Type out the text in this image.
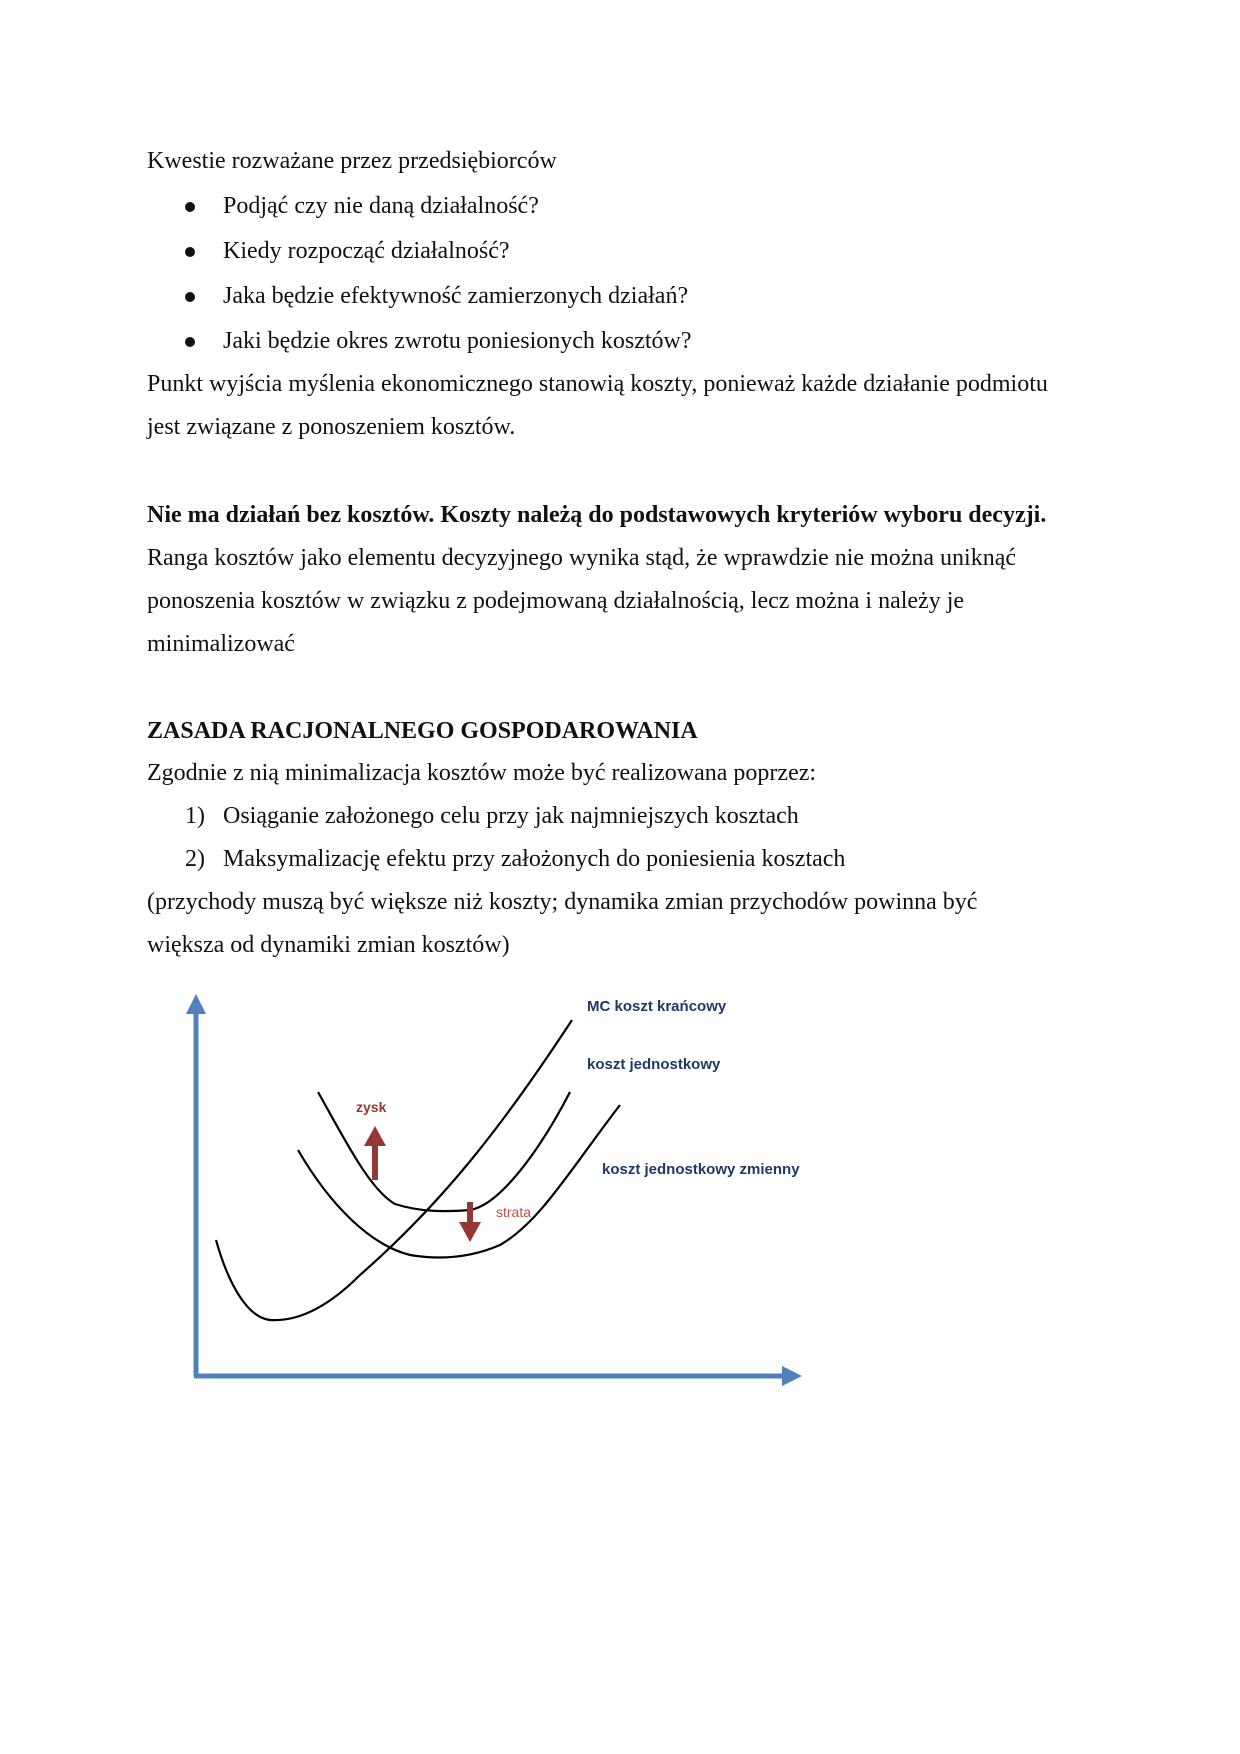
Kwestie rozważane przez przedsiębiorców

Podjąć czy nie daną działalność?
Kiedy rozpocząć działalność?
Jaka będzie efektywność zamierzonych działań?
Jaki będzie okres zwrotu poniesionych kosztów?

Punkt wyjścia myślenia ekonomicznego stanowią koszty, ponieważ każde działanie podmiotu

jest związane z ponoszeniem kosztów.

Nie ma działań bez kosztów. Koszty należą do podstawowych kryteriów wyboru decyzji.

Ranga kosztów jako elementu decyzyjnego wynika stąd, że wprawdzie nie można uniknąć

ponoszenia kosztów w związku z podejmowaną działalnością, lecz można i należy je

minimalizować

ZASADA RACJONALNEGO GOSPODAROWANIA

Zgodnie z nią minimalizacja kosztów może być realizowana poprzez:

1) Osiąganie założonego celu przy jak najmniejszych kosztach
2) Maksymalizację efektu przy założonych do poniesienia kosztach

(przychody muszą być większe niż koszty; dynamika zmian przychodów powinna być

większa od dynamiki zmian kosztów)

MC koszt krańcowy
koszt jednostkowy
koszt jednostkowy zmienny
zysk
strata
